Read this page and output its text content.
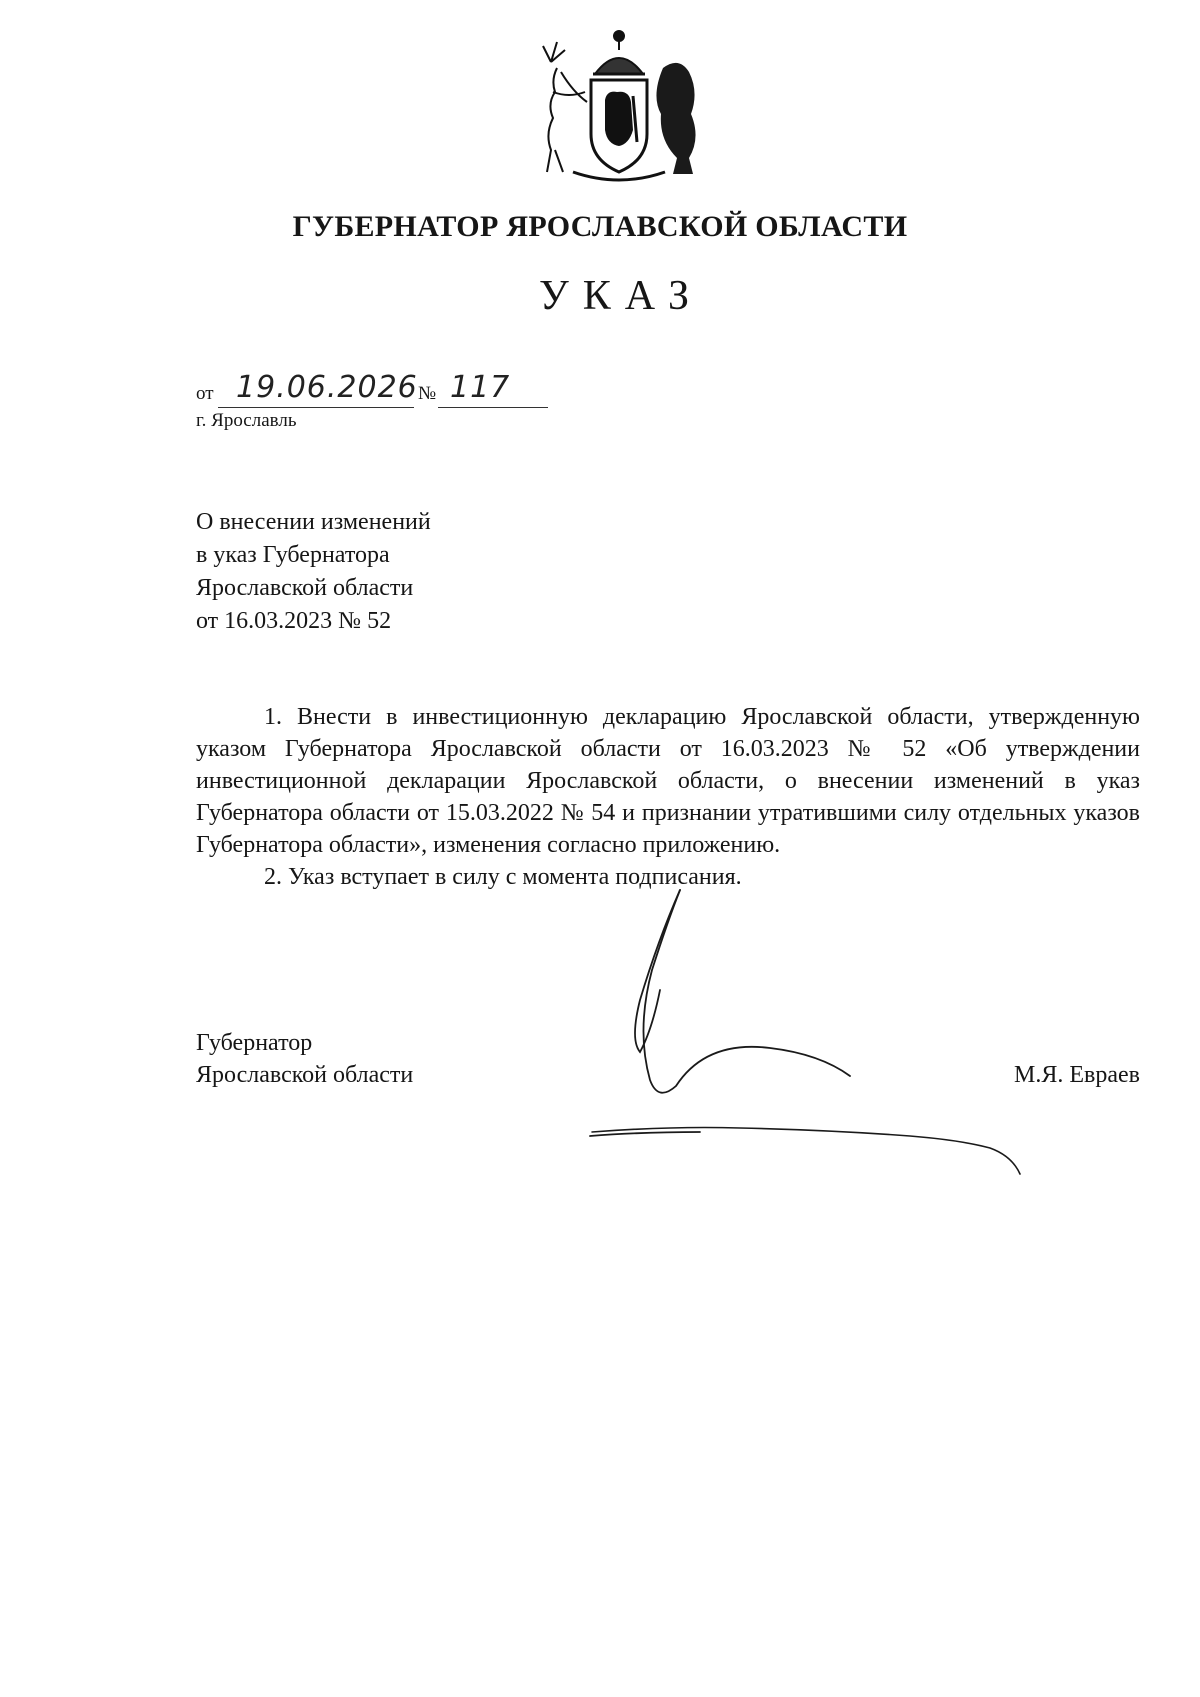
ГУБЕРНАТОР ЯРОСЛАВСКОЙ ОБЛАСТИ
УКАЗ
от 19.06.2026 № 117
г. Ярославль
О внесении изменений
в указ Губернатора
Ярославской области
от 16.03.2023 № 52

1. Внести в инвестиционную декларацию Ярославской области, утвержденную указом Губернатора Ярославской области от 16.03.2023 № 52 «Об утверждении инвестиционной декларации Ярославской области, о внесении изменений в указ Губернатора области от 15.03.2022 № 54 и признании утратившими силу отдельных указов Губернатора области», изменения согласно приложению.

2. Указ вступает в силу с момента подписания.

Губернатор
Ярославской области	М.Я. Евраев
